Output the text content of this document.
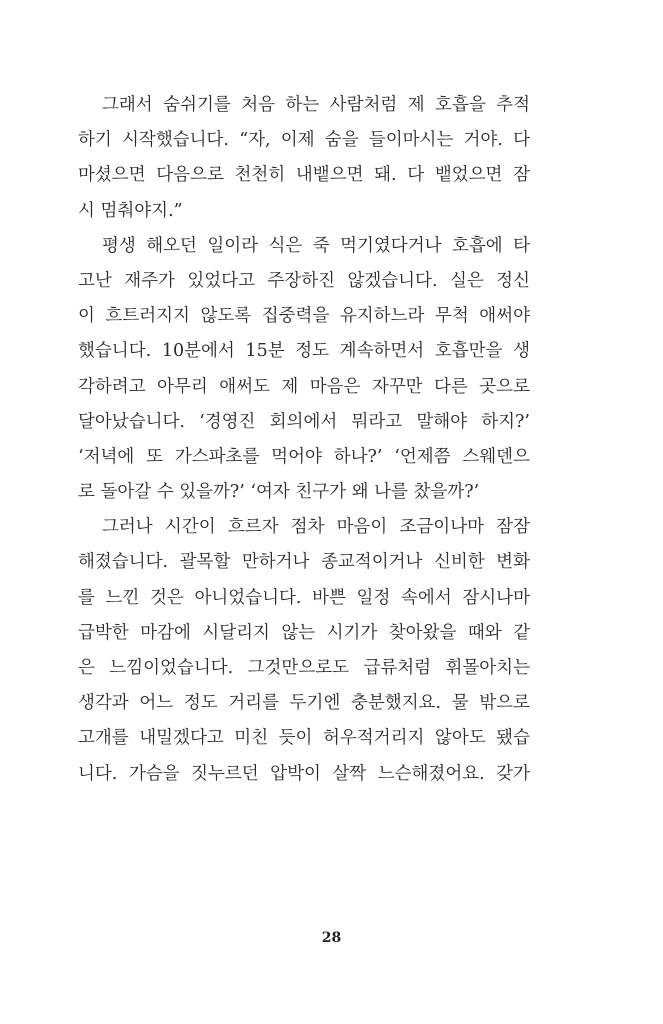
그래서 숨쉬기를 처음 하는 사람처럼 제 호흡을 추적
하기 시작했습니다. “자, 이제 숨을 들이마시는 거야. 다
마셨으면 다음으로 천천히 내뱉으면 돼. 다 뱉었으면 잠
시 멈춰야지.”
평생 해오던 일이라 식은 죽 먹기였다거나 호흡에 타
고난 재주가 있었다고 주장하진 않겠습니다. 실은 정신
이 흐트러지지 않도록 집중력을 유지하느라 무척 애써야
했습니다. 10분에서 15분 정도 계속하면서 호흡만을 생
각하려고 아무리 애써도 제 마음은 자꾸만 다른 곳으로
달아났습니다. ‘경영진 회의에서 뭐라고 말해야 하지?’
‘저녁에 또 가스파초를 먹어야 하나?’ ‘언제쯤 스웨덴으
로 돌아갈 수 있을까?’ ‘여자 친구가 왜 나를 찼을까?’
그러나 시간이 흐르자 점차 마음이 조금이나마 잠잠
해졌습니다. 괄목할 만하거나 종교적이거나 신비한 변화
를 느낀 것은 아니었습니다. 바쁜 일정 속에서 잠시나마
급박한 마감에 시달리지 않는 시기가 찾아왔을 때와 같
은 느낌이었습니다. 그것만으로도 급류처럼 휘몰아치는
생각과 어느 정도 거리를 두기엔 충분했지요. 물 밖으로
고개를 내밀겠다고 미친 듯이 허우적거리지 않아도 됐습
니다. 가슴을 짓누르던 압박이 살짝 느슨해졌어요. 갖가
28
